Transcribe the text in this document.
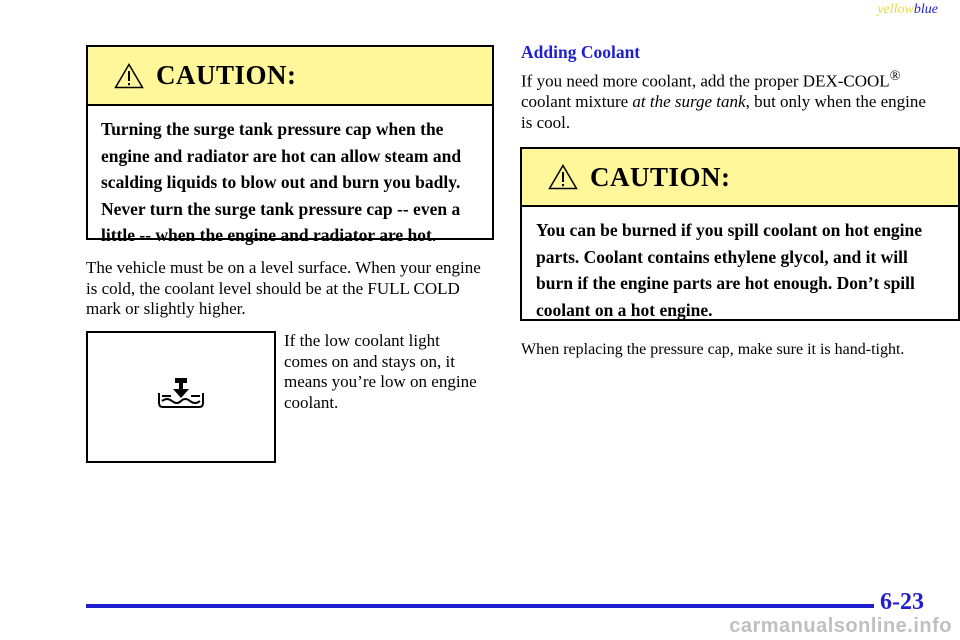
yellowblue
CAUTION:
Turning the surge tank pressure cap when the engine and radiator are hot can allow steam and scalding liquids to blow out and burn you badly. Never turn the surge tank pressure cap -- even a little -- when the engine and radiator are hot.
The vehicle must be on a level surface. When your engine is cold, the coolant level should be at the FULL COLD mark or slightly higher.
If the low coolant light comes on and stays on, it means you’re low on engine coolant.
Adding Coolant
If you need more coolant, add the proper DEX-COOL® coolant mixture at the surge tank, but only when the engine is cool.
CAUTION:
You can be burned if you spill coolant on hot engine parts. Coolant contains ethylene glycol, and it will burn if the engine parts are hot enough. Don’t spill coolant on a hot engine.
When replacing the pressure cap, make sure it is hand-tight.
6-23
carmanualsonline.info
